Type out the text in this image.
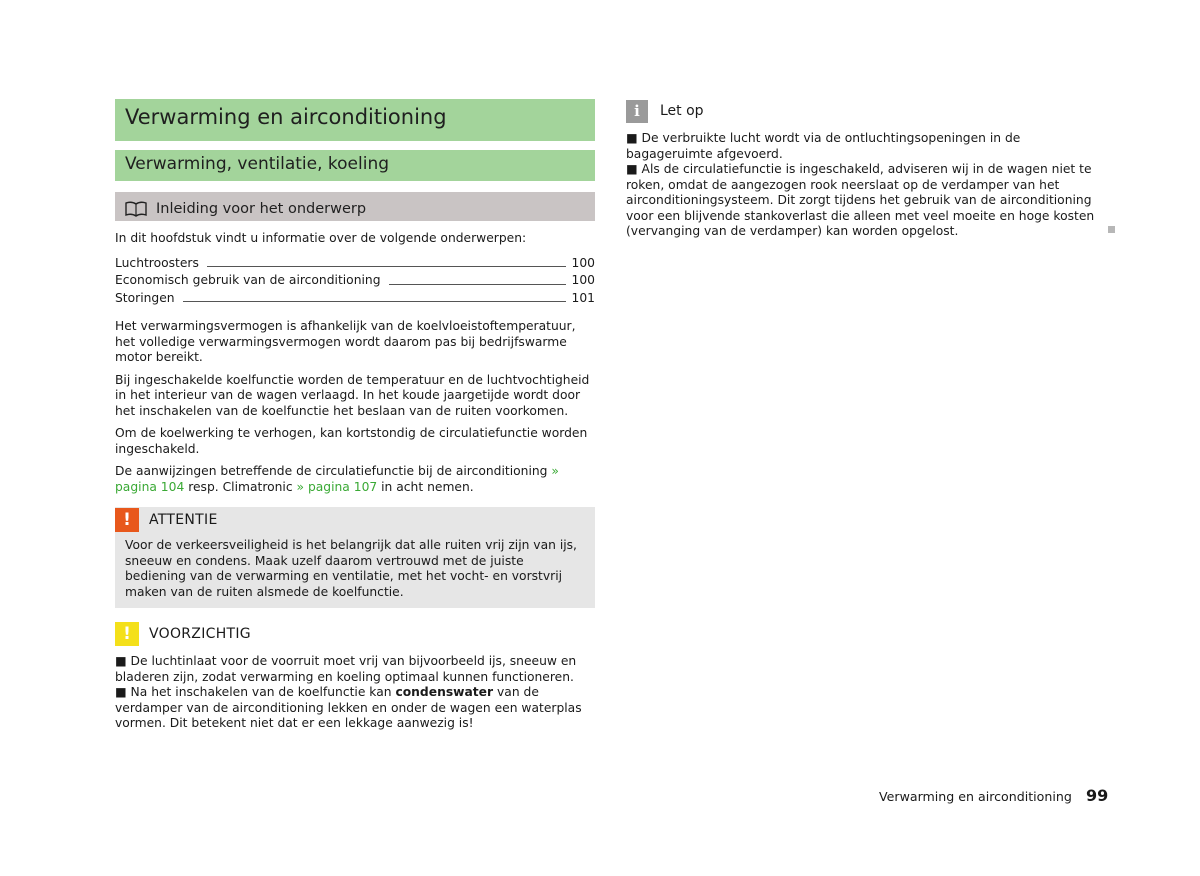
Verwarming en airconditioning
Verwarming, ventilatie, koeling
Inleiding voor het onderwerp

In dit hoofdstuk vindt u informatie over de volgende onderwerpen:

Luchtroosters	100
Economisch gebruik van de airconditioning	100
Storingen	101

Het verwarmingsvermogen is afhankelijk van de koelvloeistoftemperatuur, het volledige verwarmingsvermogen wordt daarom pas bij bedrijfswarme motor bereikt.

Bij ingeschakelde koelfunctie worden de temperatuur en de luchtvochtigheid in het interieur van de wagen verlaagd. In het koude jaargetijde wordt door het inschakelen van de koelfunctie het beslaan van de ruiten voorkomen.

Om de koelwerking te verhogen, kan kortstondig de circulatiefunctie worden ingeschakeld.

De aanwijzingen betreffende de circulatiefunctie bij de airconditioning » pagina 104 resp. Climatronic » pagina 107 in acht nemen.

!	ATTENTIE

Voor de verkeersveiligheid is het belangrijk dat alle ruiten vrij zijn van ijs, sneeuw en condens. Maak uzelf daarom vertrouwd met de juiste bediening van de verwarming en ventilatie, met het vocht- en vorstvrij maken van de ruiten alsmede de koelfunctie.

!	VOORZICHTIG

■ De luchtinlaat voor de voorruit moet vrij van bijvoorbeeld ijs, sneeuw en bladeren zijn, zodat verwarming en koeling optimaal kunnen functioneren.

■ Na het inschakelen van de koelfunctie kan condenswater van de verdamper van de airconditioning lekken en onder de wagen een waterplas vormen. Dit betekent niet dat er een lekkage aanwezig is!

i	Let op

■ De verbruikte lucht wordt via de ontluchtingsopeningen in de bagageruimte afgevoerd.

■ Als de circulatiefunctie is ingeschakeld, adviseren wij in de wagen niet te roken, omdat de aangezogen rook neerslaat op de verdamper van het airconditioningsysteem. Dit zorgt tijdens het gebruik van de airconditioning voor een blijvende stankoverlast die alleen met veel moeite en hoge kosten (vervanging van de verdamper) kan worden opgelost.

Verwarming en airconditioning 99
